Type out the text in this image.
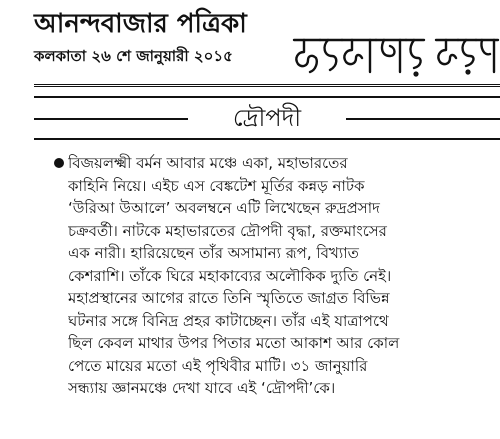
আনন্দবাজার পত্রিকা
কলকাতা ২৬ শে জানুয়ারী ২০১৫
দ্রৌপদী
বিজয়লক্ষ্মী বর্মন আবার মঞ্চে একা, মহাভারতের
কাহিনি নিয়ে। এইচ এস বেঙ্কটেশ মূর্তির কন্নড় নাটক
‘উরিআ উআলে’ অবলম্বনে এটি লিখেছেন রুদ্রপ্রসাদ
চক্রবর্তী। নাটকে মহাভারতের দ্রৌপদী বৃদ্ধা, রক্তমাংসের
এক নারী। হারিয়েছেন তাঁর অসামান্য রূপ, বিখ্যাত
কেশরাশি। তাঁকে ঘিরে মহাকাব্যের অলৌকিক দ্যুতি নেই।
মহাপ্রস্থানের আগের রাতে তিনি স্মৃতিতে জাগ্রত বিভিন্ন
ঘটনার সঙ্গে বিনিদ্র প্রহর কাটাচ্ছেন। তাঁর এই যাত্রাপথে
ছিল কেবল মাথার উপর পিতার মতো আকাশ আর কোল
পেতে মায়ের মতো এই পৃথিবীর মাটি। ৩১ জানুয়ারি
সন্ধ্যায় জ্ঞানমঞ্চে দেখা যাবে এই ‘দ্রৌপদী’কে।
